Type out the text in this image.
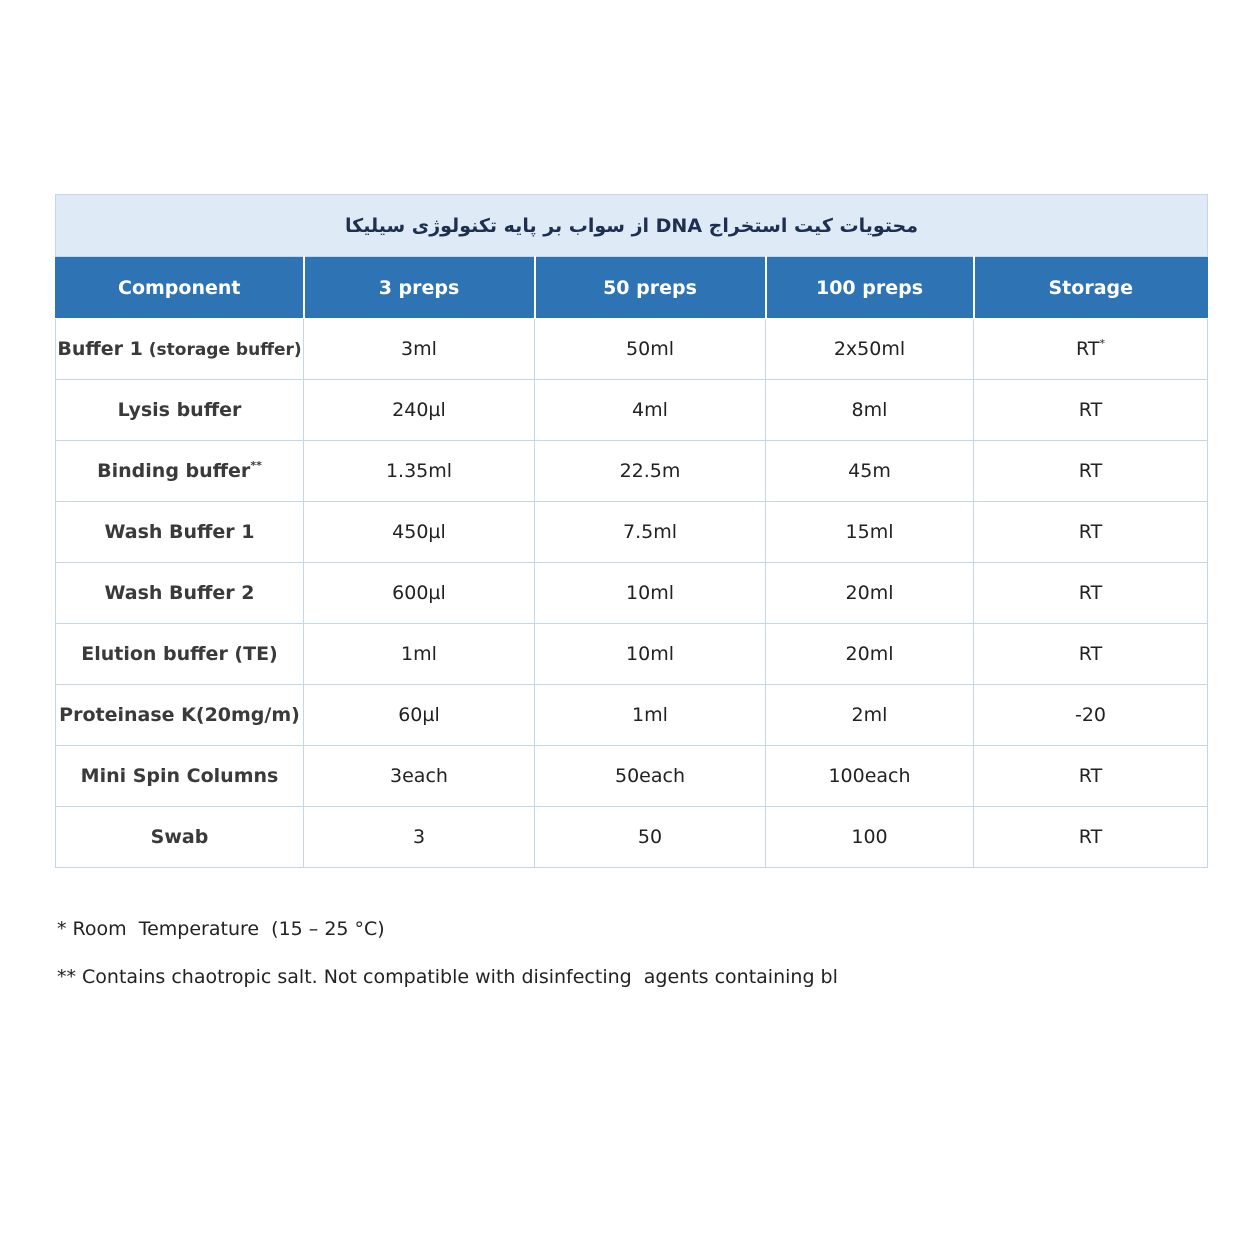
محتویات کیت استخراج DNA از سواب بر پایه تکنولوژی سیلیکا				
Component	3 preps	50 preps	100 preps	Storage
Buffer 1 (storage buffer)	3ml	50ml	2x50ml	RT*
Lysis buffer	240µl	4ml	8ml	RT
Binding buffer**	1.35ml	22.5m	45m	RT
Wash Buffer 1	450µl	7.5ml	15ml	RT
Wash Buffer 2	600µl	10ml	20ml	RT
Elution buffer (TE)	1ml	10ml	20ml	RT
Proteinase K(20mg/m)	60µl	1ml	2ml	-20
Mini Spin Columns	3each	50each	100each	RT
Swab	3	50	100	RT
* Room  Temperature  (15 – 25 °C)
** Contains chaotropic salt. Not compatible with disinfecting  agents containing bl
